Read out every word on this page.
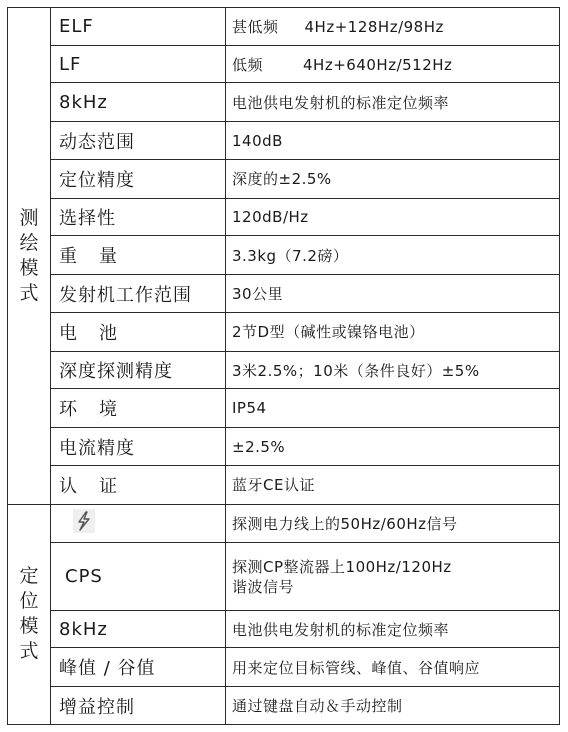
测
绘
模
式	ELF	甚低频 4Hz+128Hz/98Hz
	LF	低频 4Hz+640Hz/512Hz
	8kHz	电池供电发射机的标准定位频率
	动态范围	140dB
	定位精度	深度的±2.5%
	选择性	120dB/Hz
	重量	3.3kg（7.2磅）
	发射机工作范围	30公里
	电池	2节D型（碱性或镍铬电池）
	深度探测精度	3米2.5%；10米（条件良好）±5%
	环境	IP54
	电流精度	±2.5%
	认证	蓝牙CE认证

定
位
模
式		探测电力线上的50Hz/60Hz信号
	CPS	探测CP整流器上100Hz/120Hz
谐波信号
	8kHz	电池供电发射机的标准定位频率
	峰值 / 谷值	用来定位目标管线、峰值、谷值响应
	增益控制	通过键盘自动＆手动控制
